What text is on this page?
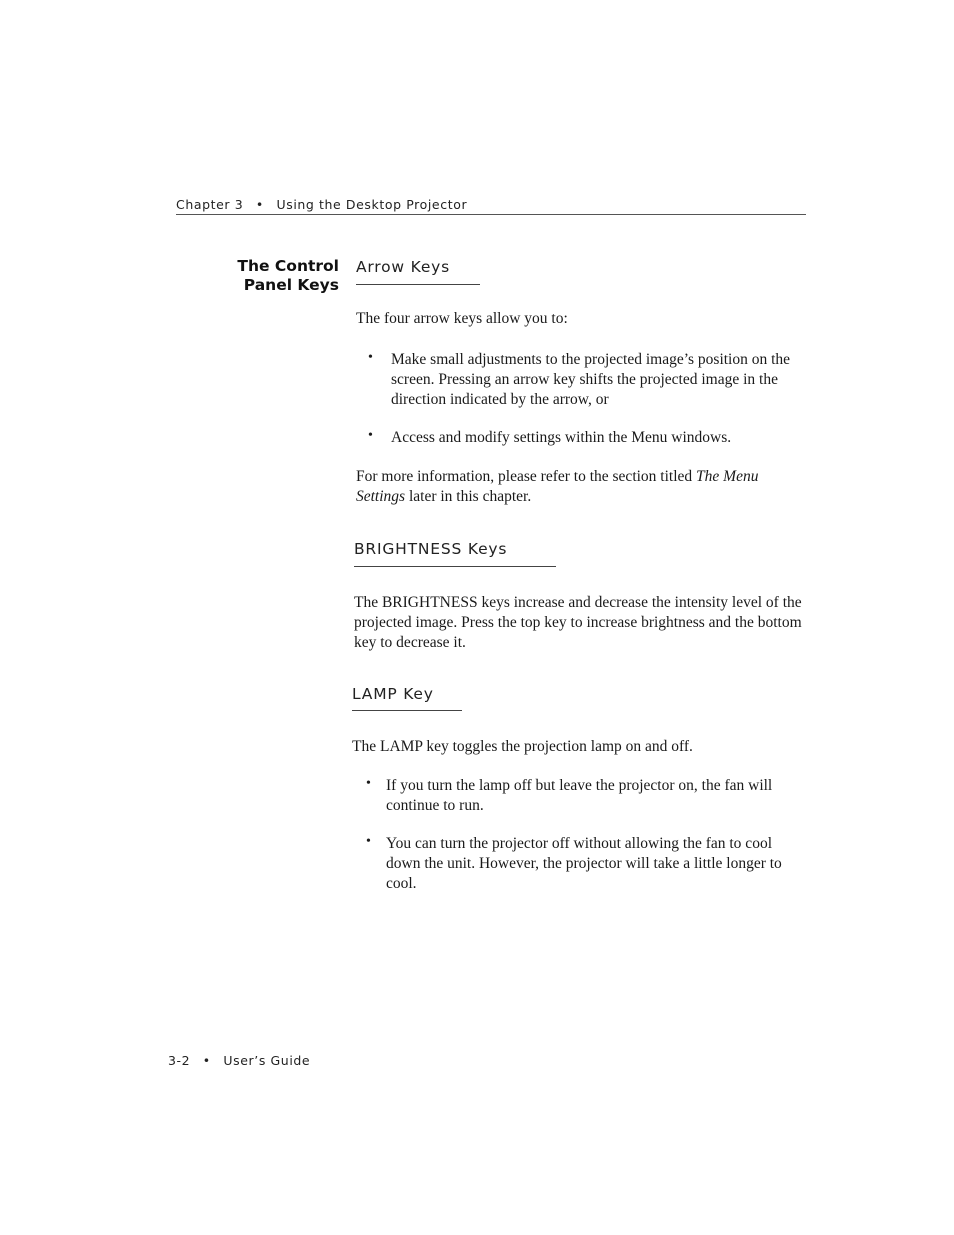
Chapter 3 • Using the Desktop Projector
The Control
Panel Keys
Arrow Keys
The four arrow keys allow you to:
• Make small adjustments to the projected image’s position on the screen. Pressing an arrow key shifts the projected image in the direction indicated by the arrow, or
• Access and modify settings within the Menu windows.
For more information, please refer to the section titled The Menu Settings later in this chapter.
BRIGHTNESS Keys
The BRIGHTNESS keys increase and decrease the intensity level of the projected image. Press the top key to increase brightness and the bottom key to decrease it.
LAMP Key
The LAMP key toggles the projection lamp on and off.
• If you turn the lamp off but leave the projector on, the fan will continue to run.
• You can turn the projector off without allowing the fan to cool down the unit. However, the projector will take a little longer to cool.
3-2 • User’s Guide
